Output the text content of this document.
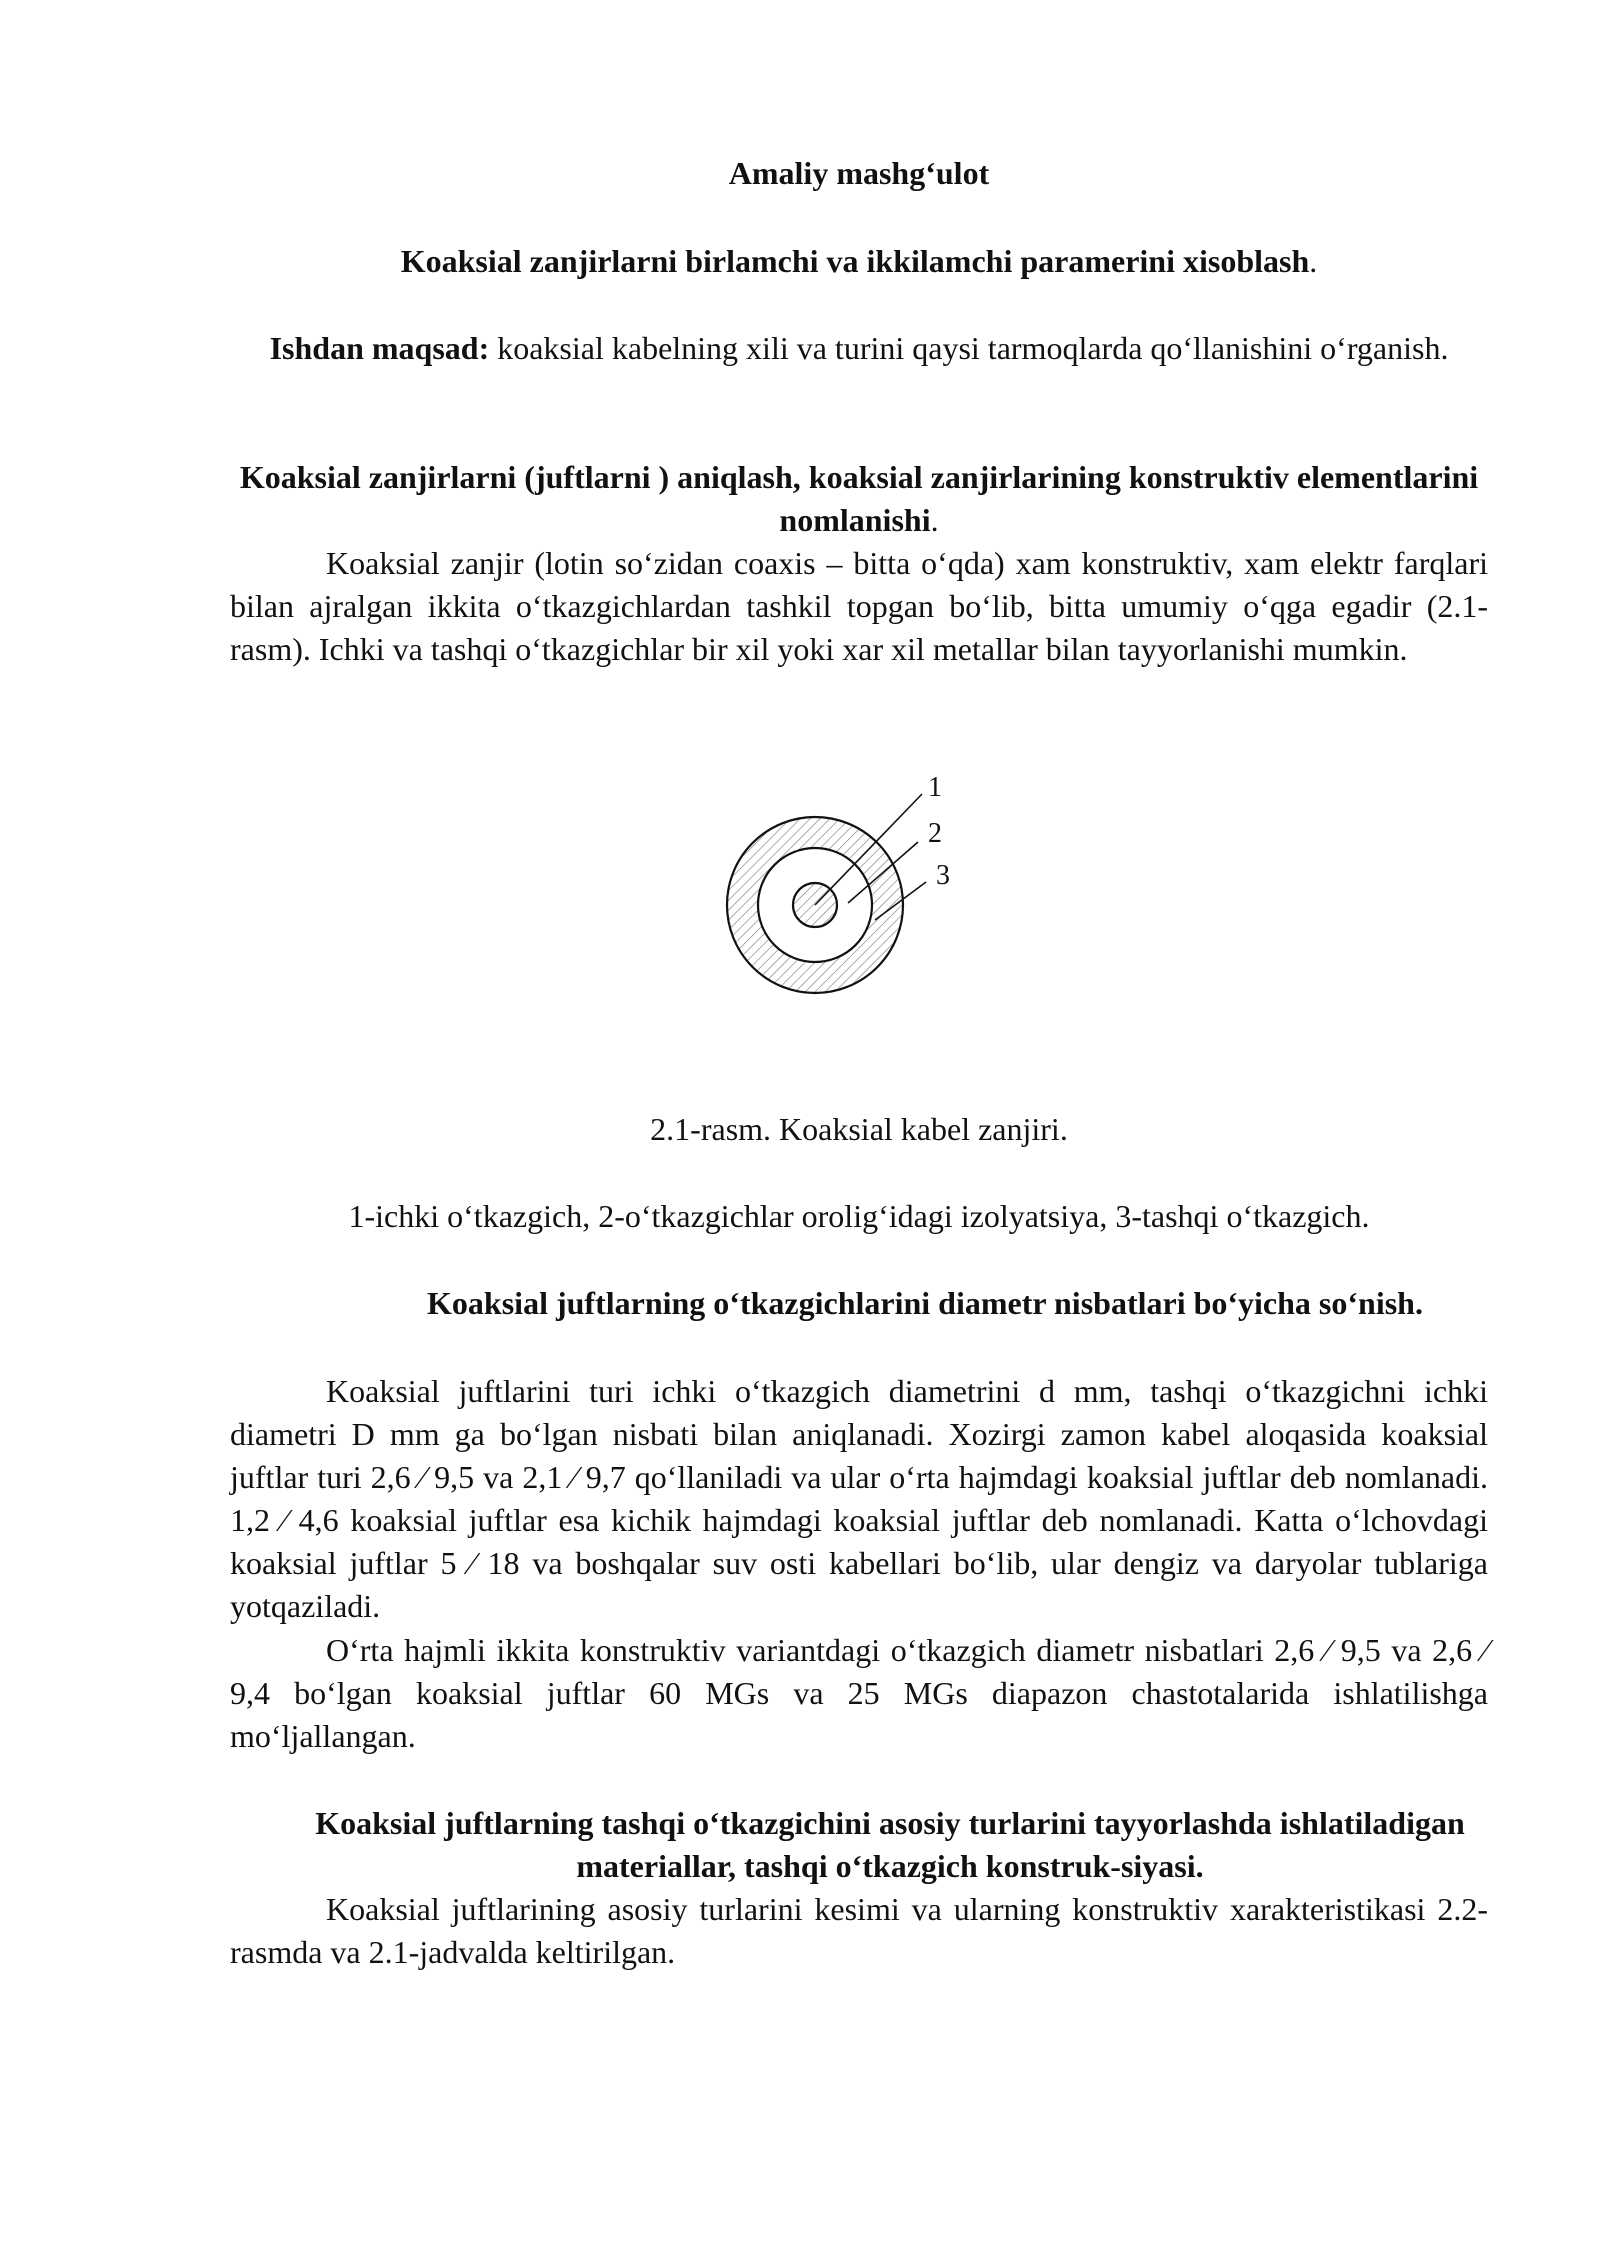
Amaliy mashg‘ulot
Koaksial zanjirlarni birlamchi va ikkilamchi paramerini xisoblash.
Ishdan maqsad: koaksial kabelning xili va turini qaysi tarmoqlarda qo‘llanishini o‘rganish.
Koaksial zanjirlarni (juftlarni ) aniqlash, koaksial zanjirlarining konstruktiv elementlarini nomlanishi.
Koaksial zanjir (lotin so‘zidan coaxis – bitta o‘qda) xam konstruktiv, xam elektr farqlari bilan ajralgan ikkita o‘tkazgichlardan tashkil topgan bo‘lib, bitta umumiy o‘qga egadir (2.1-rasm). Ichki va tashqi o‘tkazgichlar bir xil yoki xar xil metallar bilan tayyorlanishi mumkin.
1
2
3
2.1-rasm. Koaksial kabel zanjiri.
1-ichki o‘tkazgich, 2-o‘tkazgichlar orolig‘idagi izolyatsiya, 3-tashqi o‘tkazgich.
Koaksial juftlarning o‘tkazgichlarini diametr nisbatlari bo‘yicha so‘nish.
Koaksial juftlarini turi ichki o‘tkazgich diametrini d mm, tashqi o‘tkazgichni ichki diametri D mm ga bo‘lgan nisbati bilan aniqlanadi. Xozirgi zamon kabel aloqasida koaksial juftlar turi 2,6 ⁄ 9,5 va 2,1 ⁄ 9,7 qo‘llaniladi va ular o‘rta hajmdagi koaksial juftlar deb nomlanadi. 1,2 ⁄ 4,6 koaksial juftlar esa kichik hajmdagi koaksial juftlar deb nomlanadi. Katta o‘lchovdagi koaksial juftlar 5 ⁄ 18 va boshqalar suv osti kabellari bo‘lib, ular dengiz va daryolar tublariga yotqaziladi.
O‘rta hajmli ikkita konstruktiv variantdagi o‘tkazgich diametr nisbatlari 2,6 ⁄ 9,5 va 2,6 ⁄ 9,4 bo‘lgan koaksial juftlar 60 MGs va 25 MGs diapazon chastotalarida ishlatilishga mo‘ljallangan.
Koaksial juftlarning tashqi o‘tkazgichini asosiy turlarini tayyorlashda ishlatiladigan materiallar, tashqi o‘tkazgich konstruk-siyasi.
Koaksial juftlarining asosiy turlarini kesimi va ularning konstruktiv xarakteristikasi 2.2-rasmda va 2.1-jadvalda keltirilgan.
